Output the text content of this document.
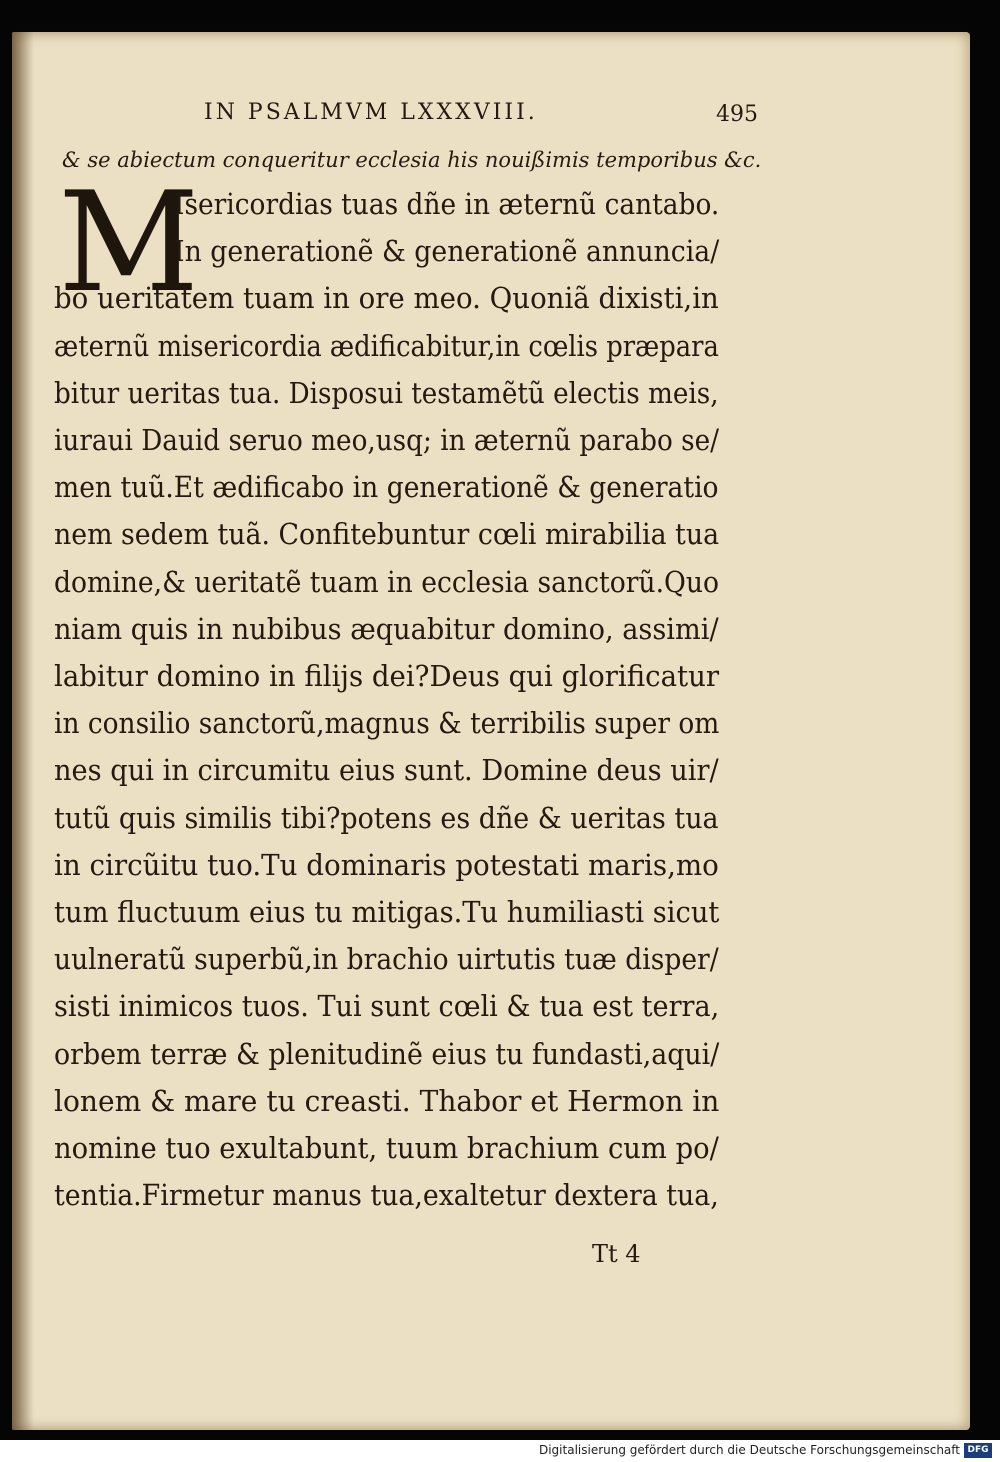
IN PSALMVM LXXXVIII.	495
& se abiectum conqueritur ecclesia his nouißimis temporibus &c.
M
Isericordias tuas dñe in æternũ cantabo.
In generationẽ & generationẽ annuncia/
bo ueritatem tuam in ore meo. Quoniã dixisti,in
æternũ misericordia ædificabitur,in cœlis præpara
bitur ueritas tua. Disposui testamẽtũ electis meis,
iuraui Dauid seruo meo,usq; in æternũ parabo se/
men tuũ.Et ædificabo in generationẽ & generatio
nem sedem tuã. Confitebuntur cœli mirabilia tua
domine,& ueritatẽ tuam in ecclesia sanctorũ.Quo
niam quis in nubibus æquabitur domino, assimi/
labitur domino in filijs dei?Deus qui glorificatur
in consilio sanctorũ,magnus & terribilis super om
nes qui in circumitu eius sunt. Domine deus uir/
tutũ quis similis tibi?potens es dñe & ueritas tua
in circũitu tuo.Tu dominaris potestati maris,mo
tum fluctuum eius tu mitigas.Tu humiliasti sicut
uulneratũ superbũ,in brachio uirtutis tuæ disper/
sisti inimicos tuos. Tui sunt cœli & tua est terra,
orbem terræ & plenitudinẽ eius tu fundasti,aqui/
lonem & mare tu creasti. Thabor et Hermon in
nomine tuo exultabunt, tuum brachium cum po/
tentia.Firmetur manus tua,exaltetur dextera tua,
Tt 4
Digitalisierung gefördert durch die Deutsche Forschungsgemeinschaft DFG
